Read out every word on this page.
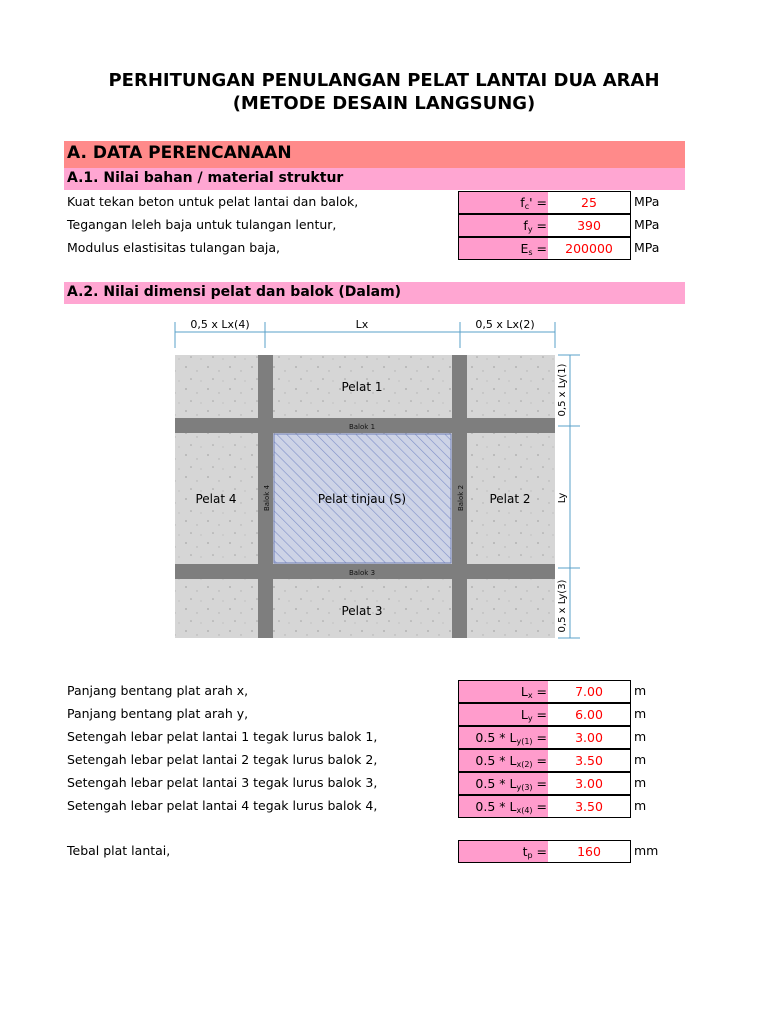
PERHITUNGAN PENULANGAN PELAT LANTAI DUA ARAH
(METODE DESAIN LANGSUNG)
A. DATA PERENCANAAN
A.1. Nilai bahan / material struktur
Kuat tekan beton untuk pelat lantai dan balok,	$f_c'$ =	25	MPa
Tegangan leleh baja untuk tulangan lentur,	$f_y$ =	390	MPa
Modulus elastisitas tulangan baja,	$E_s$ =	200000	MPa
A.2. Nilai dimensi pelat dan balok (Dalam)
0,5 x Lx(4)	Lx	0,5 x Lx(2)
0,5 x Ly(1)
Ly
0,5 x Ly(3)
Pelat 1
Pelat 2
Pelat 3
Pelat 4	Pelat tinjau (S)
Balok 1
Balok 3
Balok 2
Balok 4
Panjang bentang plat arah x,	$L_x$ =	7.00	m
Panjang bentang plat arah y,	$L_y$ =	6.00	m
Setengah lebar pelat lantai 1 tegak lurus balok 1,	$0.5 * L_{y(1)}$ =	3.00	m
Setengah lebar pelat lantai 2 tegak lurus balok 2,	$0.5 * L_{x(2)}$ =	3.50	m
Setengah lebar pelat lantai 3 tegak lurus balok 3,	$0.5 * L_{y(3)}$ =	3.00	m
Setengah lebar pelat lantai 4 tegak lurus balok 4,	$0.5 * L_{x(4)}$ =	3.50	m
Tebal plat lantai,	$t_p$ =	160	mm
